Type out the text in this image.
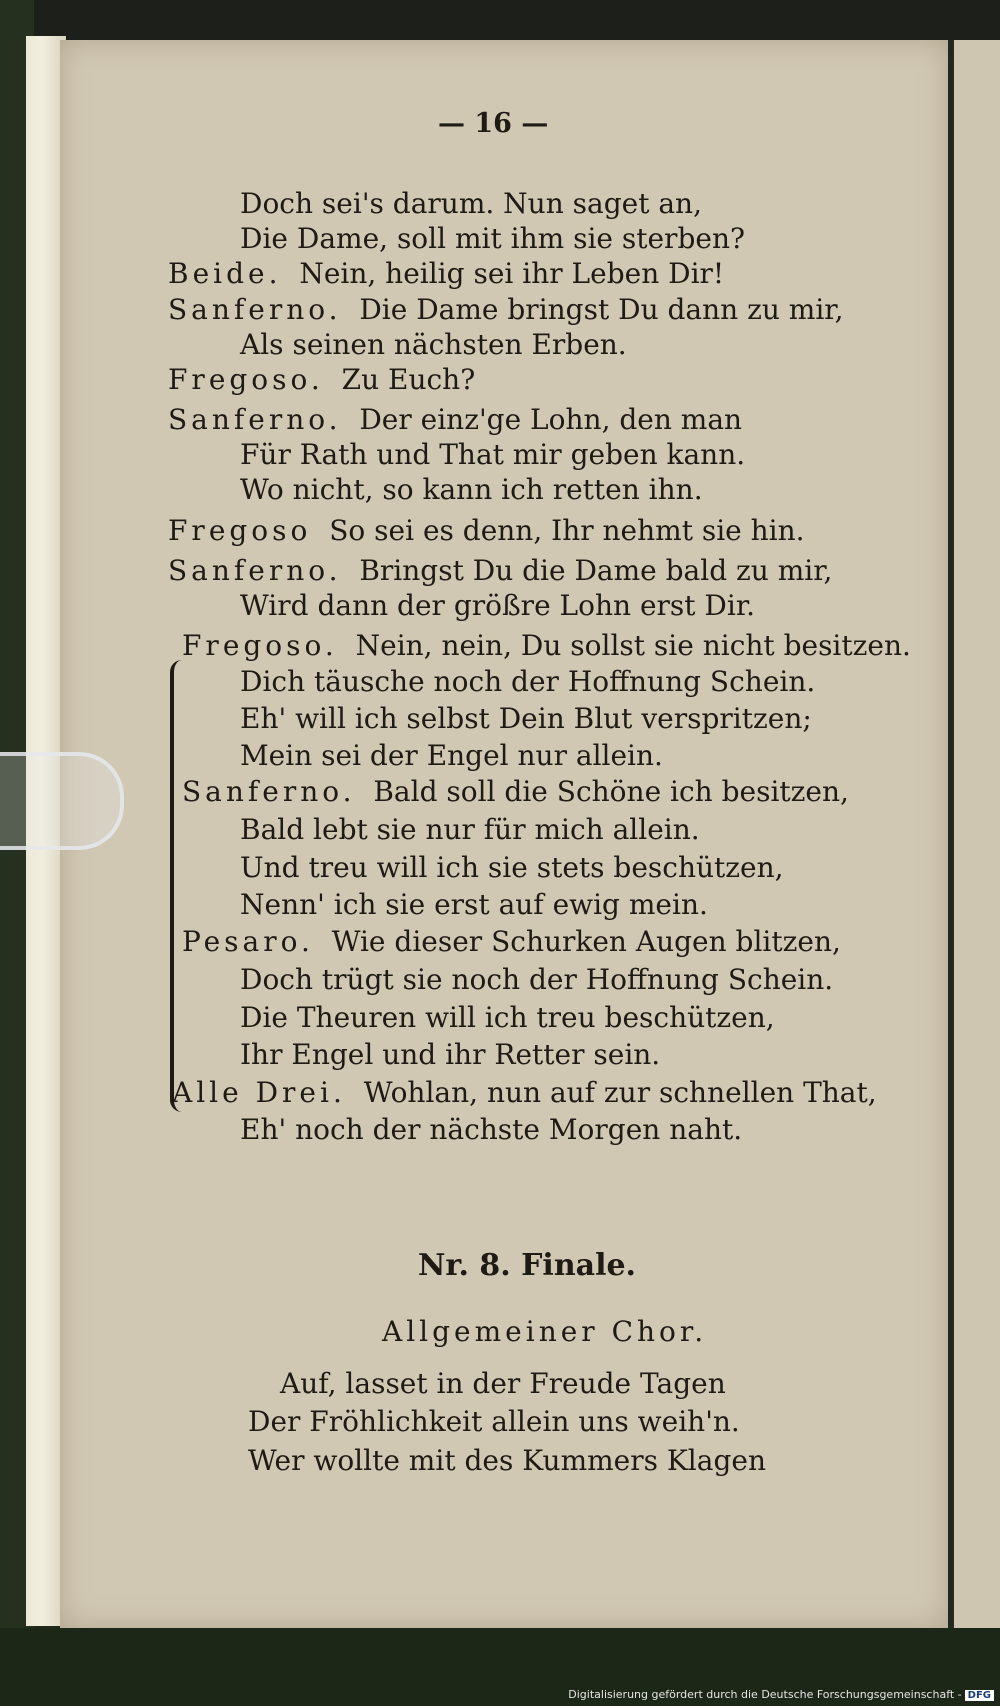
— 16 —
Doch sei's darum. Nun saget an,
Die Dame, soll mit ihm sie sterben?
Beide. Nein, heilig sei ihr Leben Dir!
Sanferno. Die Dame bringst Du dann zu mir,
Als seinen nächsten Erben.
Fregoso. Zu Euch?
Sanferno. Der einz'ge Lohn, den man
Für Rath und That mir geben kann.
Wo nicht, so kann ich retten ihn.
Fregoso So sei es denn, Ihr nehmt sie hin.
Sanferno. Bringst Du die Dame bald zu mir,
Wird dann der größre Lohn erst Dir.
Fregoso. Nein, nein, Du sollst sie nicht besitzen.
Dich täusche noch der Hoffnung Schein.
Eh' will ich selbst Dein Blut verspritzen;
Mein sei der Engel nur allein.
Sanferno. Bald soll die Schöne ich besitzen,
Bald lebt sie nur für mich allein.
Und treu will ich sie stets beschützen,
Nenn' ich sie erst auf ewig mein.
Pesaro. Wie dieser Schurken Augen blitzen,
Doch trügt sie noch der Hoffnung Schein.
Die Theuren will ich treu beschützen,
Ihr Engel und ihr Retter sein.
Alle Drei. Wohlan, nun auf zur schnellen That,
Eh' noch der nächste Morgen naht.
Nr. 8. Finale.
Allgemeiner Chor.
Auf, lasset in der Freude Tagen
Der Fröhlichkeit allein uns weih'n.
Wer wollte mit des Kummers Klagen
Digitalisierung gefördert durch die Deutsche Forschungsgemeinschaft - DFG
